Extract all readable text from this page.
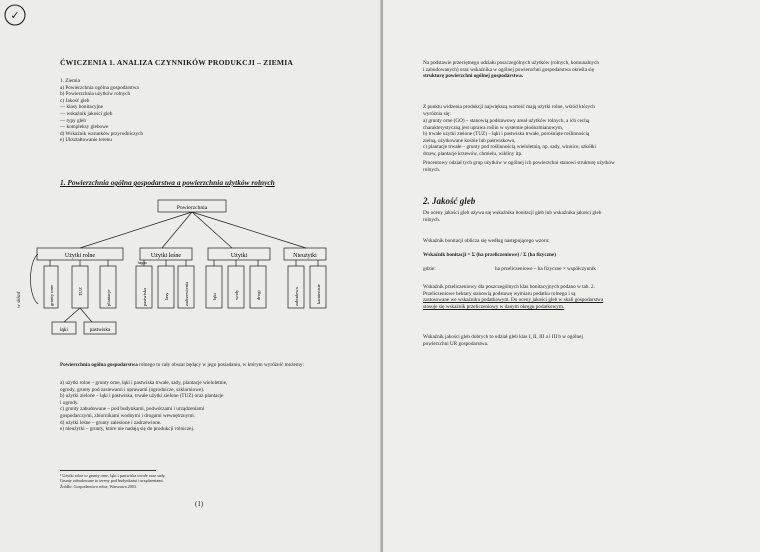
✓
ĆWICZENIA 1. ANALIZA CZYNNIKÓW PRODUKCJI – ZIEMIA
1. Ziemia
a) Powierzchnia ogólna gospodarstwa
b) Powierzchnia użytków rolnych
c) Jakość gleb
— klasy bonitacyjne
— wskaźnik jakości gleb
— typy gleb
— kompleksy glebowe
d) Wskaźnik warunków przyrodniczych
e) Ukształtowanie terenu
1. Powierzchnia ogólna gospodarstwa a powierzchnia użytków rolnych
Powierzchnia
Użytki rolne	Użytki leśne	Użytki	Nieużytki
grunty orne	TUZ	plantacje	pastwiska	lasy	zadrzewienia	łąki	wody	drogi	zabudowa	kamieniste
bagna
łąki	pastwiska
w skład
Powierzchnia ogólna gospodarstwa rolnego to cały obszar będący w jego posiadaniu, w którym wyróżnić możemy:
a) użytki rolne – grunty orne, łąki i pastwiska trwałe, sady, plantacje wieloletnie,
ogrody, grunty pod zasiewami i uprawami (ogrodnicze, szklarniowe).
b) użytki zielone – łąki i pastwiska, trwałe użytki zielone (TUZ) oraz plantacje
i ogrody.
c) grunty zabudowane – pod budynkami, podwórzami i urządzeniami
gospodarczymi, zbiornikami wodnymi i drogami wewnętrznymi.
d) użytki leśne – grunty zalesione i zadrzewione.
e) nieużytki – grunty, które nie nadają się do produkcji rolniczej.
¹ Użytki rolne to grunty orne, łąki i pastwiska trwałe oraz sady.
Grunty zabudowane to tereny pod budynkami i urządzeniami.
Źródło: Gospodarstwo rolne, Warszawa 2003.
(1)
Na podstawie przeciętnego udziału poszczególnych użytków (rolnych, komunalnych
i zabudowanych) oraz wskaźnika w ogólnej powierzchni gospodarstwa określa się
strukturę powierzchni ogólnej gospodarstwa.
Z punktu widzenia produkcji największą wartość mają użytki rolne, wśród których
wyróżnia się:
a) grunty orne (GO) – stanowią podstawowy areał użytków rolnych, a ich cechą
charakterystyczną jest uprawa roślin w systemie płodozmianowym,
b) trwałe użytki zielone (TUZ) – łąki i pastwiska trwałe, porośnięte roślinnością
zielną, użytkowane kośnie lub pastwiskowo,
c) plantacje trwałe – grunty pod roślinnością wieloletnią, np. sady, winnice, szkółki
drzew, plantacje krzewów, chmielu, wikliny itp.
Procentowy udział tych grup użytków w ogólnej ich powierzchni stanowi strukturę użytków
rolnych.
2. Jakość gleb
Do oceny jakości gleb używa się wskaźnika bonitacji gleb lub wskaźnika jakości gleb
rolnych.
Wskaźnik bonitacji oblicza się według następującego wzoru:
Wskaźnik bonitacji = Σ (ha przeliczeniowe) / Σ (ha fizyczne)
gdzie:	ha przeliczeniowe – ha fizyczne × współczynnik
Wskaźnik przeliczeniowy dla poszczególnych klas bonitacyjnych podano w tab. 2.
Przeliczeniowe hektary stanowią podstawę wymiaru podatku rolnego i są
zastosowane we wskaźniku podatkowym. Do oceny jakości gleb w skali gospodarstwa
stosuje się wskaźnik przeliczeniowy w danym okręgu podatkowym.
Wskaźnik jakości gleb dobrych to udział gleb klas I, II, III a i III b w ogólnej
powierzchni UR gospodarstwa.
